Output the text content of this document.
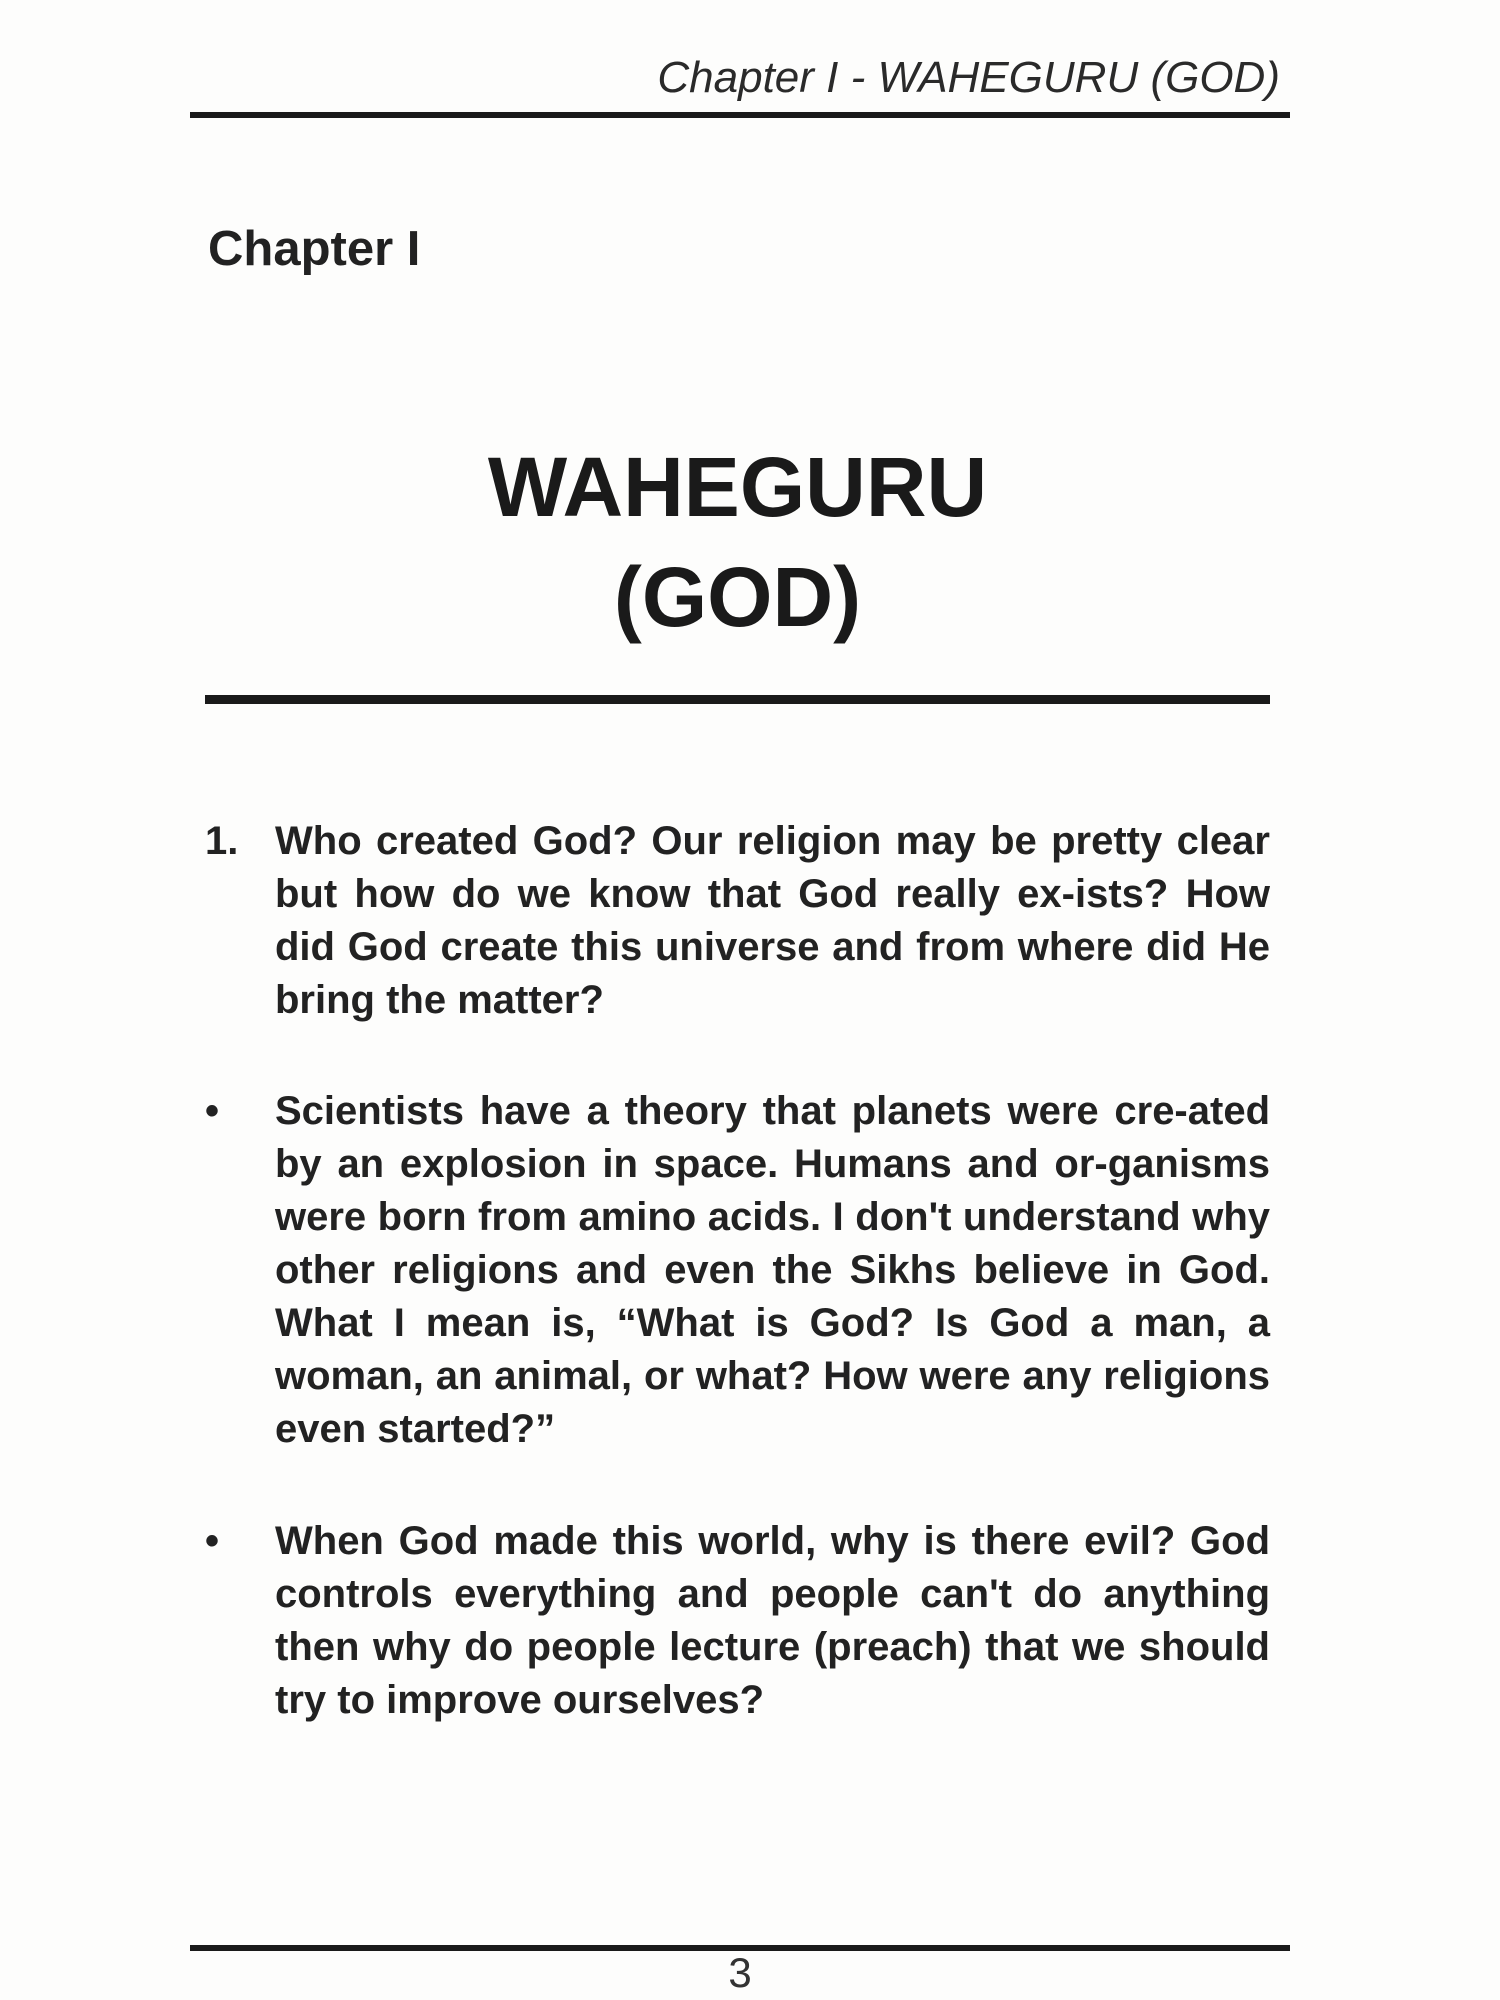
Chapter I - WAHEGURU (GOD)
Chapter I
WAHEGURU
(GOD)
1. Who created God? Our religion may be pretty clear but how do we know that God really ex-ists? How did God create this universe and from where did He bring the matter?
•	Scientists have a theory that planets were cre-ated by an explosion in space. Humans and or-ganisms were born from amino acids. I don't understand why other religions and even the Sikhs believe in God. What I mean is, “What is God? Is God a man, a woman, an animal, or what? How were any religions even started?”
•	When God made this world, why is there evil? God controls everything and people can't do anything then why do people lecture (preach) that we should try to improve ourselves?
3
